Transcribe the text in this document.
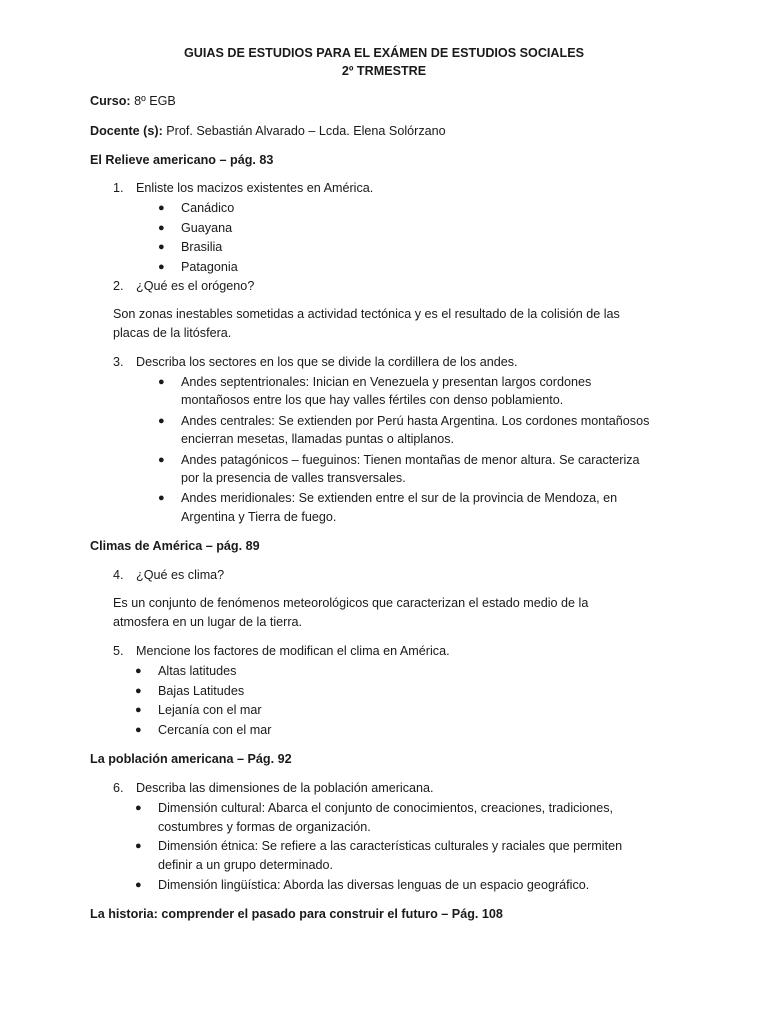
GUIAS DE ESTUDIOS PARA EL EXÁMEN DE ESTUDIOS SOCIALES
2º TRMESTRE
Curso: 8º EGB
Docente (s): Prof. Sebastián Alvarado – Lcda. Elena Solórzano
El Relieve americano – pág. 83
1. Enliste los macizos existentes en América.
● Canádico
● Guayana
● Brasilia
● Patagonia
2. ¿Qué es el orógeno?
Son zonas inestables sometidas a actividad tectónica y es el resultado de la colisión de las
placas de la litósfera.
3. Describa los sectores en los que se divide la cordillera de los andes.
● Andes septentrionales: Inician en Venezuela y presentan largos cordones
montañosos entre los que hay valles fértiles con denso poblamiento.
● Andes centrales: Se extienden por Perú hasta Argentina. Los cordones montañosos
encierran mesetas, llamadas puntas o altiplanos.
● Andes patagónicos – fueguinos: Tienen montañas de menor altura. Se caracteriza
por la presencia de valles transversales.
● Andes meridionales: Se extienden entre el sur de la provincia de Mendoza, en
Argentina y Tierra de fuego.
Climas de América – pág. 89
4. ¿Qué es clima?
Es un conjunto de fenómenos meteorológicos que caracterizan el estado medio de la
atmosfera en un lugar de la tierra.
5. Mencione los factores de modifican el clima en América.
● Altas latitudes
● Bajas Latitudes
● Lejanía con el mar
● Cercanía con el mar
La población americana – Pág. 92
6. Describa las dimensiones de la población americana.
● Dimensión cultural: Abarca el conjunto de conocimientos, creaciones, tradiciones,
costumbres y formas de organización.
● Dimensión étnica: Se refiere a las características culturales y raciales que permiten
definir a un grupo determinado.
● Dimensión lingüística: Aborda las diversas lenguas de un espacio geográfico.
La historia: comprender el pasado para construir el futuro – Pág. 108
